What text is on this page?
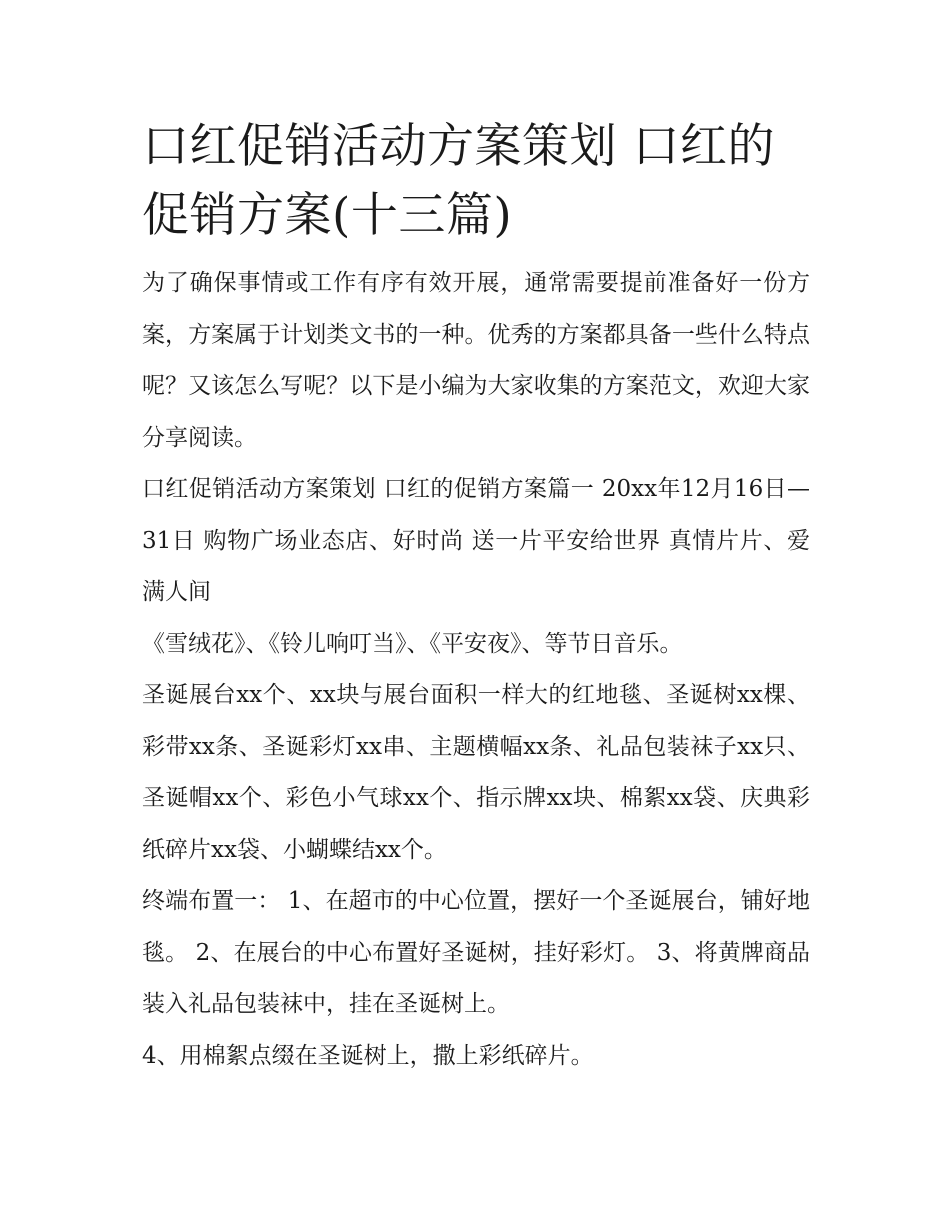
口红促销活动方案策划 口红的促销方案(十三篇)

为了确保事情或工作有序有效开展，通常需要提前准备好一份方案，方案属于计划类文书的一种。优秀的方案都具备一些什么特点呢？又该怎么写呢？以下是小编为大家收集的方案范文，欢迎大家分享阅读。

口红促销活动方案策划 口红的促销方案篇一 20xx年12月16日—31日 购物广场业态店、好时尚 送一片平安给世界 真情片片、爱满人间

《雪绒花》、《铃儿响叮当》、《平安夜》、等节日音乐。

圣诞展台xx个、xx块与展台面积一样大的红地毯、圣诞树xx棵、彩带xx条、圣诞彩灯xx串、主题横幅xx条、礼品包装袜子xx只、圣诞帽xx个、彩色小气球xx个、指示牌xx块、棉絮xx袋、庆典彩纸碎片xx袋、小蝴蝶结xx个。

终端布置一： 1、在超市的中心位置，摆好一个圣诞展台，铺好地毯。 2、在展台的中心布置好圣诞树，挂好彩灯。 3、将黄牌商品装入礼品包装袜中，挂在圣诞树上。

4、用棉絮点缀在圣诞树上，撒上彩纸碎片。
